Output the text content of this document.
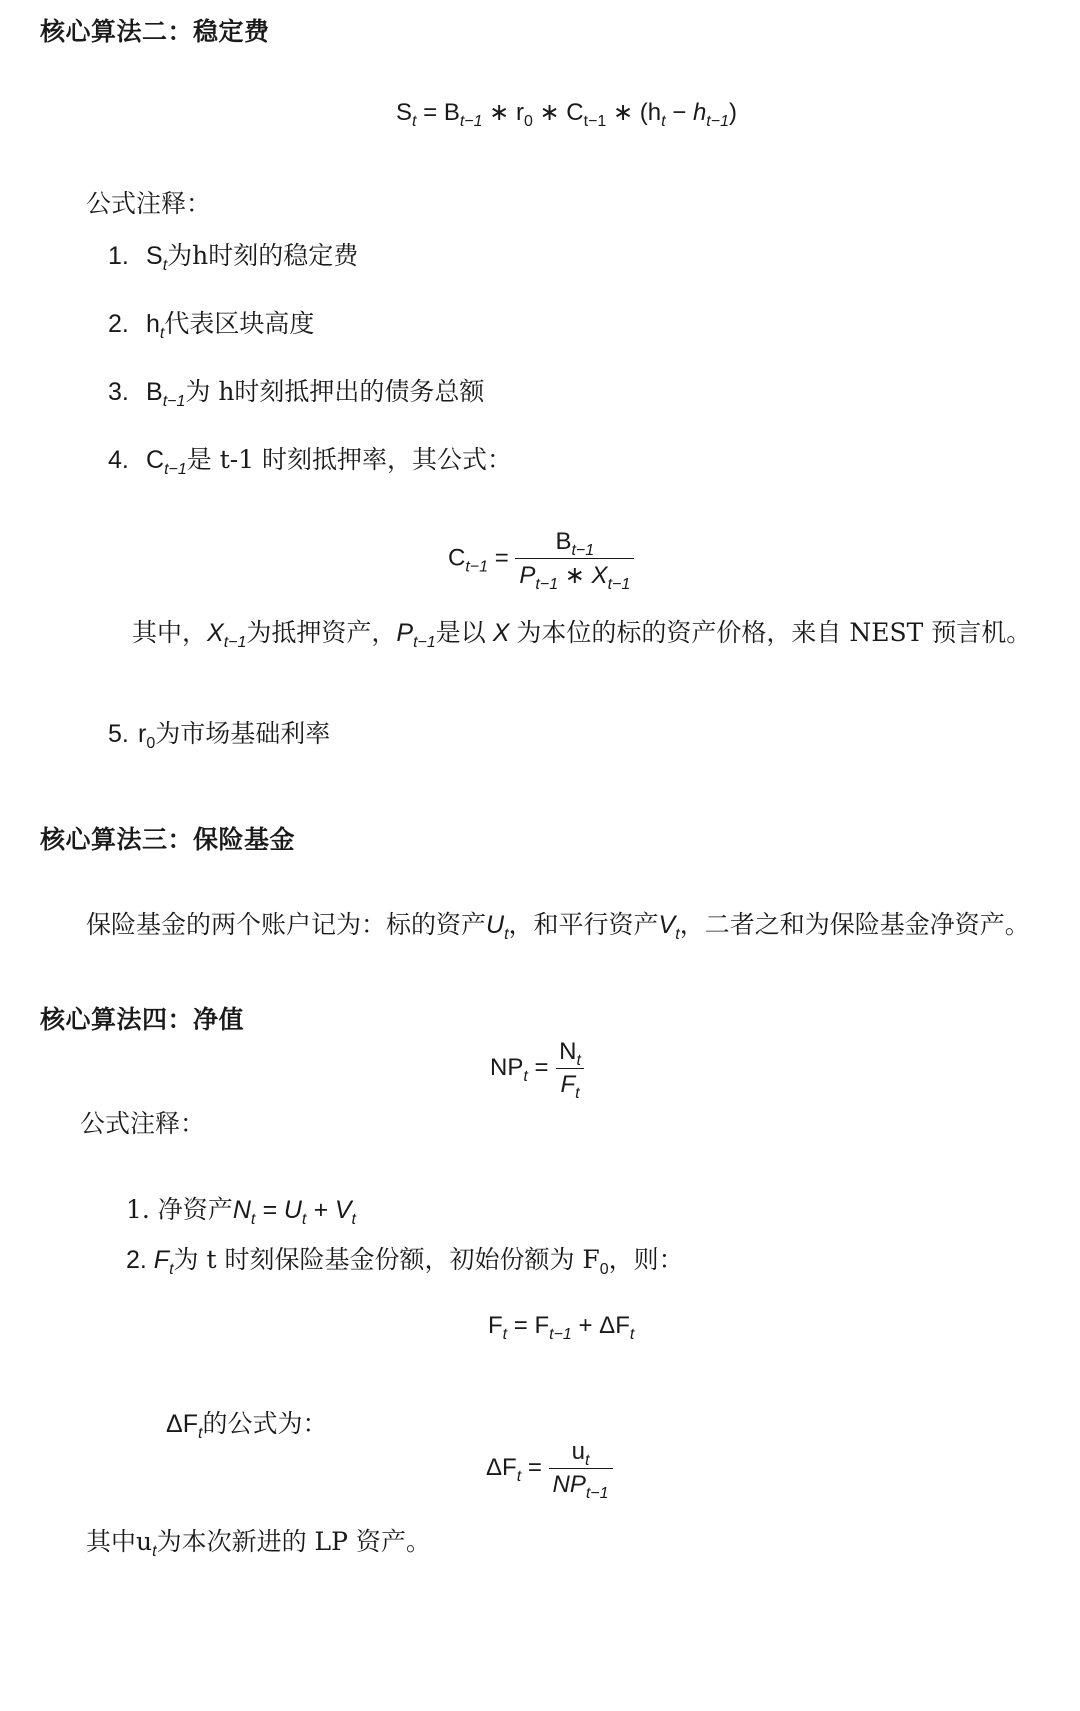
核心算法二：稳定费
$S_t = B_{t-1}$ ∗ $r_0$ ∗ $C_{t-1}$ ∗ $(h_t - h_{t-1})$
公式注释：
1. $S_t$为h时刻的稳定费
2. $h_t$代表区块高度
3. $B_{t-1}$为 h时刻抵押出的债务总额
4. $C_{t-1}$是 t-1 时刻抵押率，其公式：
$C_{t-1} = \frac{B_{t-1}}{P_{t-1} ∗ X_{t-1}}$
其中，$X_{t-1}$为抵押资产，$P_{t-1}$是以 X 为本位的标的资产价格，来自 NEST 预言机。
5. $r_0$为市场基础利率
核心算法三：保险基金
保险基金的两个账户记为：标的资产$U_t$，和平行资产$V_t$，二者之和为保险基金净资产。
核心算法四：净值
$NP_t = \frac{N_t}{F_t}$
公式注释：
1. 净资产$N_t = U_t + V_t$
2. $F_t$为 t 时刻保险基金份额，初始份额为 $F_0$，则：
$F_t = F_{t-1} + \Delta F_t$
$\Delta F_t$的公式为：
$\Delta F_t = \frac{u_t}{NP_{t-1}}$
其中$u_t$为本次新进的 LP 资产。
